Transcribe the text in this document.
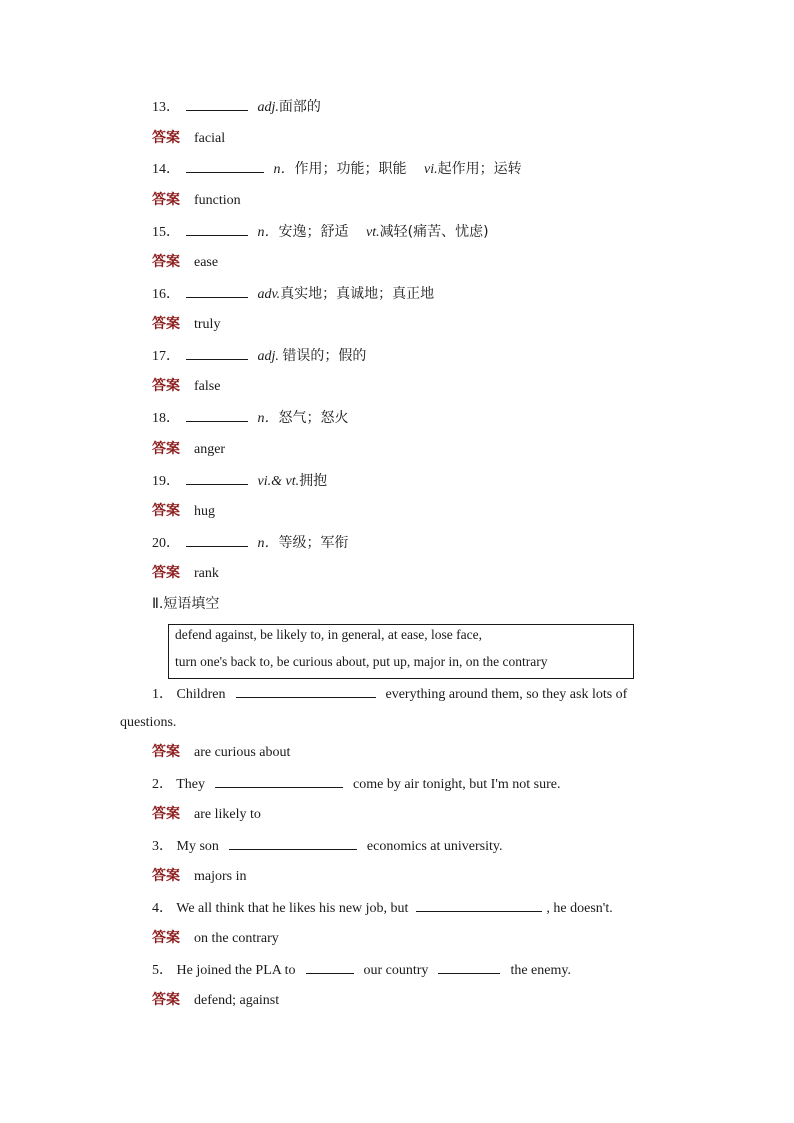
13．	adj.面部的
答案 facial
14．	n．作用；功能；职能 vi.起作用；运转
答案 function
15．	n．安逸；舒适 vt.减轻(痛苦、忧虑)
答案 ease
16．	adv.真实地；真诚地；真正地
答案 truly
17．	adj. 错误的；假的
答案 false
18．	n．怒气；怒火
答案 anger
19．	vi.& vt.拥抱
答案 hug
20．	n．等级；军衔
答案 rank
Ⅱ.短语填空
defend against, be likely to, in general, at ease, lose face,
turn one's back to, be curious about, put up, major in, on the contrary
1． Children	everything around them, so they ask lots of
questions.
答案 are curious about
2． They	come by air tonight, but I'm not sure.
答案 are likely to
3． My son	economics at university.
答案 majors in
4． We all think that he likes his new job, but	, he doesn't.
答案 on the contrary
5． He joined the PLA to	our country	the enemy.
答案 defend; against
